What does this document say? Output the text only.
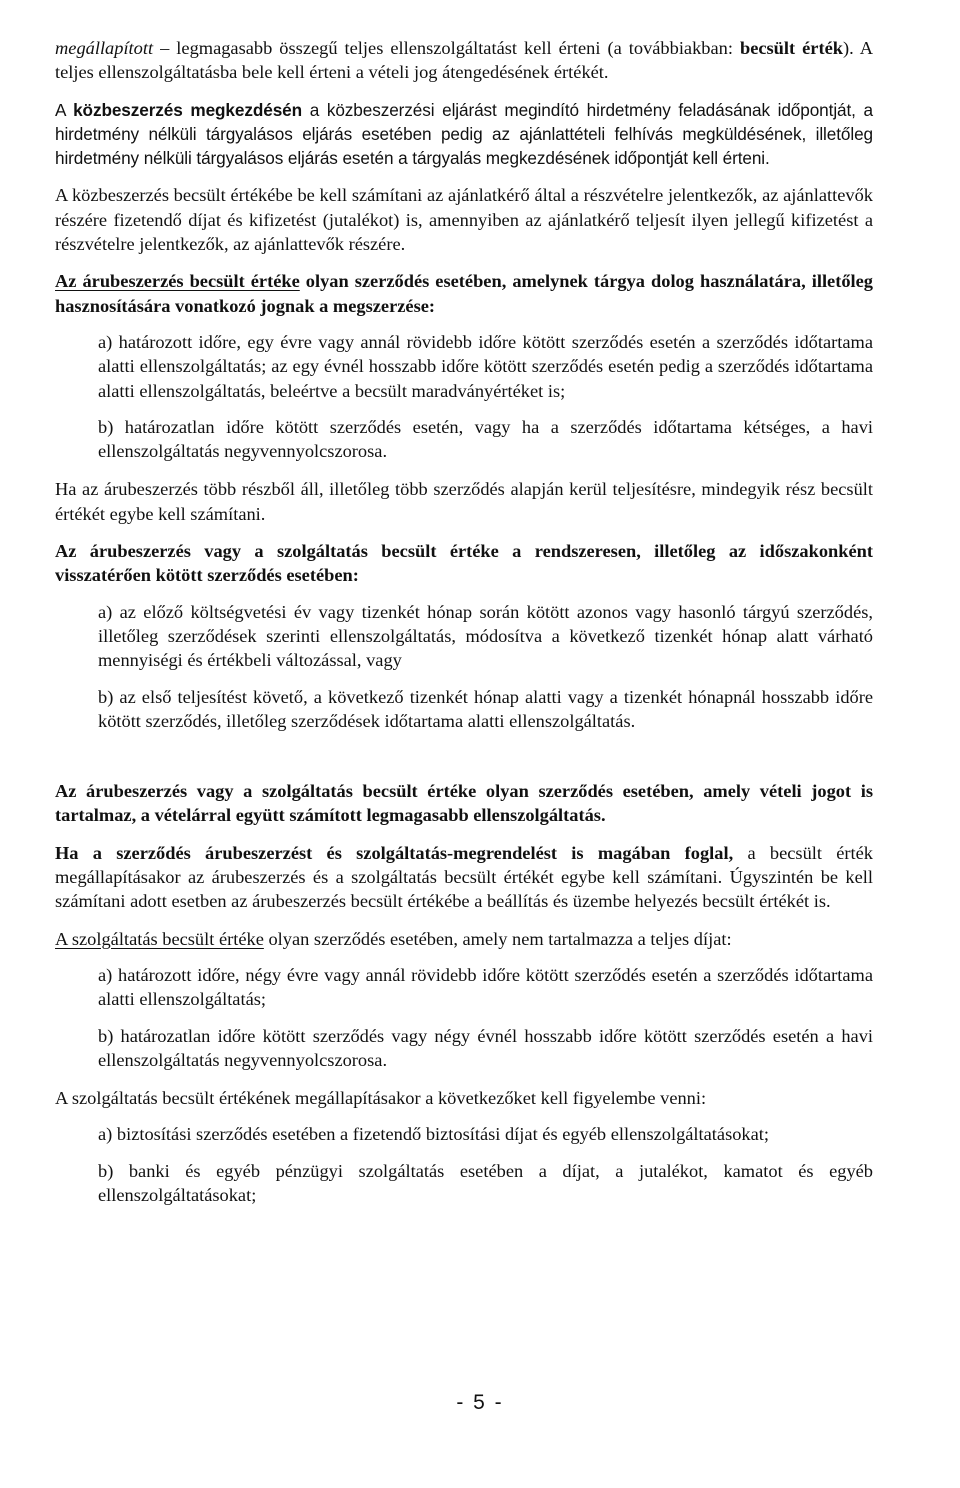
megállapított – legmagasabb összegű teljes ellenszolgáltatást kell érteni (a továbbiakban: becsült érték). A teljes ellenszolgáltatásba bele kell érteni a vételi jog átengedésének értékét.

A közbeszerzés megkezdésén a közbeszerzési eljárást megindító hirdetmény feladásának időpontját, a hirdetmény nélküli tárgyalásos eljárás esetében pedig az ajánlattételi felhívás megküldésének, illetőleg hirdetmény nélküli tárgyalásos eljárás esetén a tárgyalás megkezdésének időpontját kell érteni.

A közbeszerzés becsült értékébe be kell számítani az ajánlatkérő által a részvételre jelentkezők, az ajánlattevők részére fizetendő díjat és kifizetést (jutalékot) is, amennyiben az ajánlatkérő teljesít ilyen jellegű kifizetést a részvételre jelentkezők, az ajánlattevők részére.

Az árubeszerzés becsült értéke olyan szerződés esetében, amelynek tárgya dolog használatára, illetőleg hasznosítására vonatkozó jognak a megszerzése:

a) határozott időre, egy évre vagy annál rövidebb időre kötött szerződés esetén a szerződés időtartama alatti ellenszolgáltatás; az egy évnél hosszabb időre kötött szerződés esetén pedig a szerződés időtartama alatti ellenszolgáltatás, beleértve a becsült maradványértéket is;

b) határozatlan időre kötött szerződés esetén, vagy ha a szerződés időtartama kétséges, a havi ellenszolgáltatás negyvennyolcszorosa.

Ha az árubeszerzés több részből áll, illetőleg több szerződés alapján kerül teljesítésre, mindegyik rész becsült értékét egybe kell számítani.

Az árubeszerzés vagy a szolgáltatás becsült értéke a rendszeresen, illetőleg az időszakonként visszatérően kötött szerződés esetében:

a) az előző költségvetési év vagy tizenkét hónap során kötött azonos vagy hasonló tárgyú szerződés, illetőleg szerződések szerinti ellenszolgáltatás, módosítva a következő tizenkét hónap alatt várható mennyiségi és értékbeli változással, vagy

b) az első teljesítést követő, a következő tizenkét hónap alatti vagy a tizenkét hónapnál hosszabb időre kötött szerződés, illetőleg szerződések időtartama alatti ellenszolgáltatás.

Az árubeszerzés vagy a szolgáltatás becsült értéke olyan szerződés esetében, amely vételi jogot is tartalmaz, a vételárral együtt számított legmagasabb ellenszolgáltatás.

Ha a szerződés árubeszerzést és szolgáltatás-megrendelést is magában foglal, a becsült érték megállapításakor az árubeszerzés és a szolgáltatás becsült értékét egybe kell számítani. Úgyszintén be kell számítani adott esetben az árubeszerzés becsült értékébe a beállítás és üzembe helyezés becsült értékét is.

A szolgáltatás becsült értéke olyan szerződés esetében, amely nem tartalmazza a teljes díjat:

a) határozott időre, négy évre vagy annál rövidebb időre kötött szerződés esetén a szerződés időtartama alatti ellenszolgáltatás;

b) határozatlan időre kötött szerződés vagy négy évnél hosszabb időre kötött szerződés esetén a havi ellenszolgáltatás negyvennyolcszorosa.

A szolgáltatás becsült értékének megállapításakor a következőket kell figyelembe venni:

a) biztosítási szerződés esetében a fizetendő biztosítási díjat és egyéb ellenszolgáltatásokat;

b) banki és egyéb pénzügyi szolgáltatás esetében a díjat, a jutalékot, kamatot és egyéb ellenszolgáltatásokat;

- 5 -
